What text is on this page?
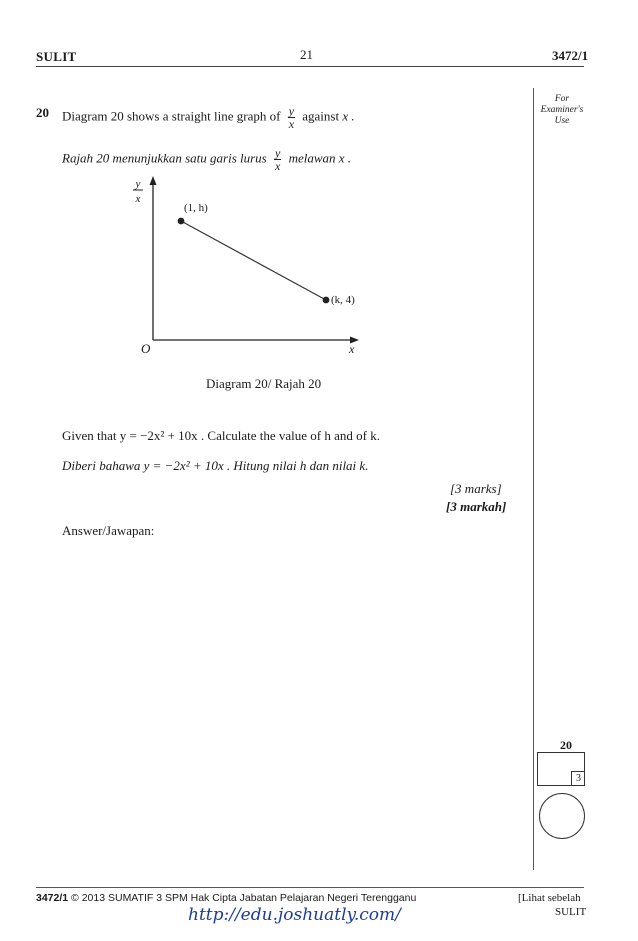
SULIT	21	3472/1
For
Examiner's
Use
20 Diagram 20 shows a straight line graph of $\frac{y}{x}$ against x .
Rajah 20 menunjukkan satu garis lurus $\frac{y}{x}$ melawan x .
y
x
(1, h)
(k, 4)
O	x
Diagram 20/ Rajah 20
Given that y = −2x² + 10x . Calculate the value of h and of k.
Diberi bahawa y = −2x² + 10x . Hitung nilai h dan nilai k.
[3 marks]
[3 markah]
Answer/Jawapan:
20
3
3472/1 © 2013 SUMATIF 3 SPM Hak Cipta Jabatan Pelajaran Negeri Terengganu
http://edu.joshuatly.com/
[Lihat sebelah
SULIT
